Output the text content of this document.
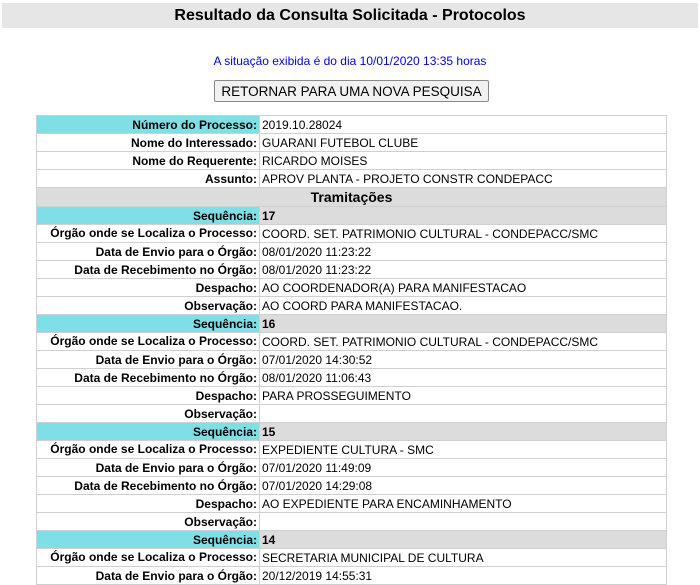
Resultado da Consulta Solicitada - Protocolos
A situação exibida é do dia 10/01/2020 13:35 horas
RETORNAR PARA UMA NOVA PESQUISA
Número do Processo:	2019.10.28024
Nome do Interessado:	GUARANI FUTEBOL CLUBE
Nome do Requerente:	RICARDO MOISES
Assunto:	APROV PLANTA - PROJETO CONSTR CONDEPACC
Tramitações	
Sequência:	17

Órgão onde se Localiza o Processo:	COORD. SET. PATRIMONIO CULTURAL - CONDEPACC/SMC
Data de Envio para o Órgão:	08/01/2020 11:23:22
Data de Recebimento no Órgão:	08/01/2020 11:23:22
Despacho:	AO COORDENADOR(A) PARA MANIFESTACAO
Observação:	AO COORD PARA MANIFESTACAO.
Sequência:	16

Órgão onde se Localiza o Processo:	COORD. SET. PATRIMONIO CULTURAL - CONDEPACC/SMC
Data de Envio para o Órgão:	07/01/2020 14:30:52
Data de Recebimento no Órgão:	08/01/2020 11:06:43
Despacho:	PARA PROSSEGUIMENTO
Observação:	
Sequência:	15

Órgão onde se Localiza o Processo:	EXPEDIENTE CULTURA - SMC
Data de Envio para o Órgão:	07/01/2020 11:49:09
Data de Recebimento no Órgão:	07/01/2020 14:29:08
Despacho:	AO EXPEDIENTE PARA ENCAMINHAMENTO
Observação:	
Sequência:	14

Órgão onde se Localiza o Processo:	SECRETARIA MUNICIPAL DE CULTURA
Data de Envio para o Órgão:	20/12/2019 14:55:31
